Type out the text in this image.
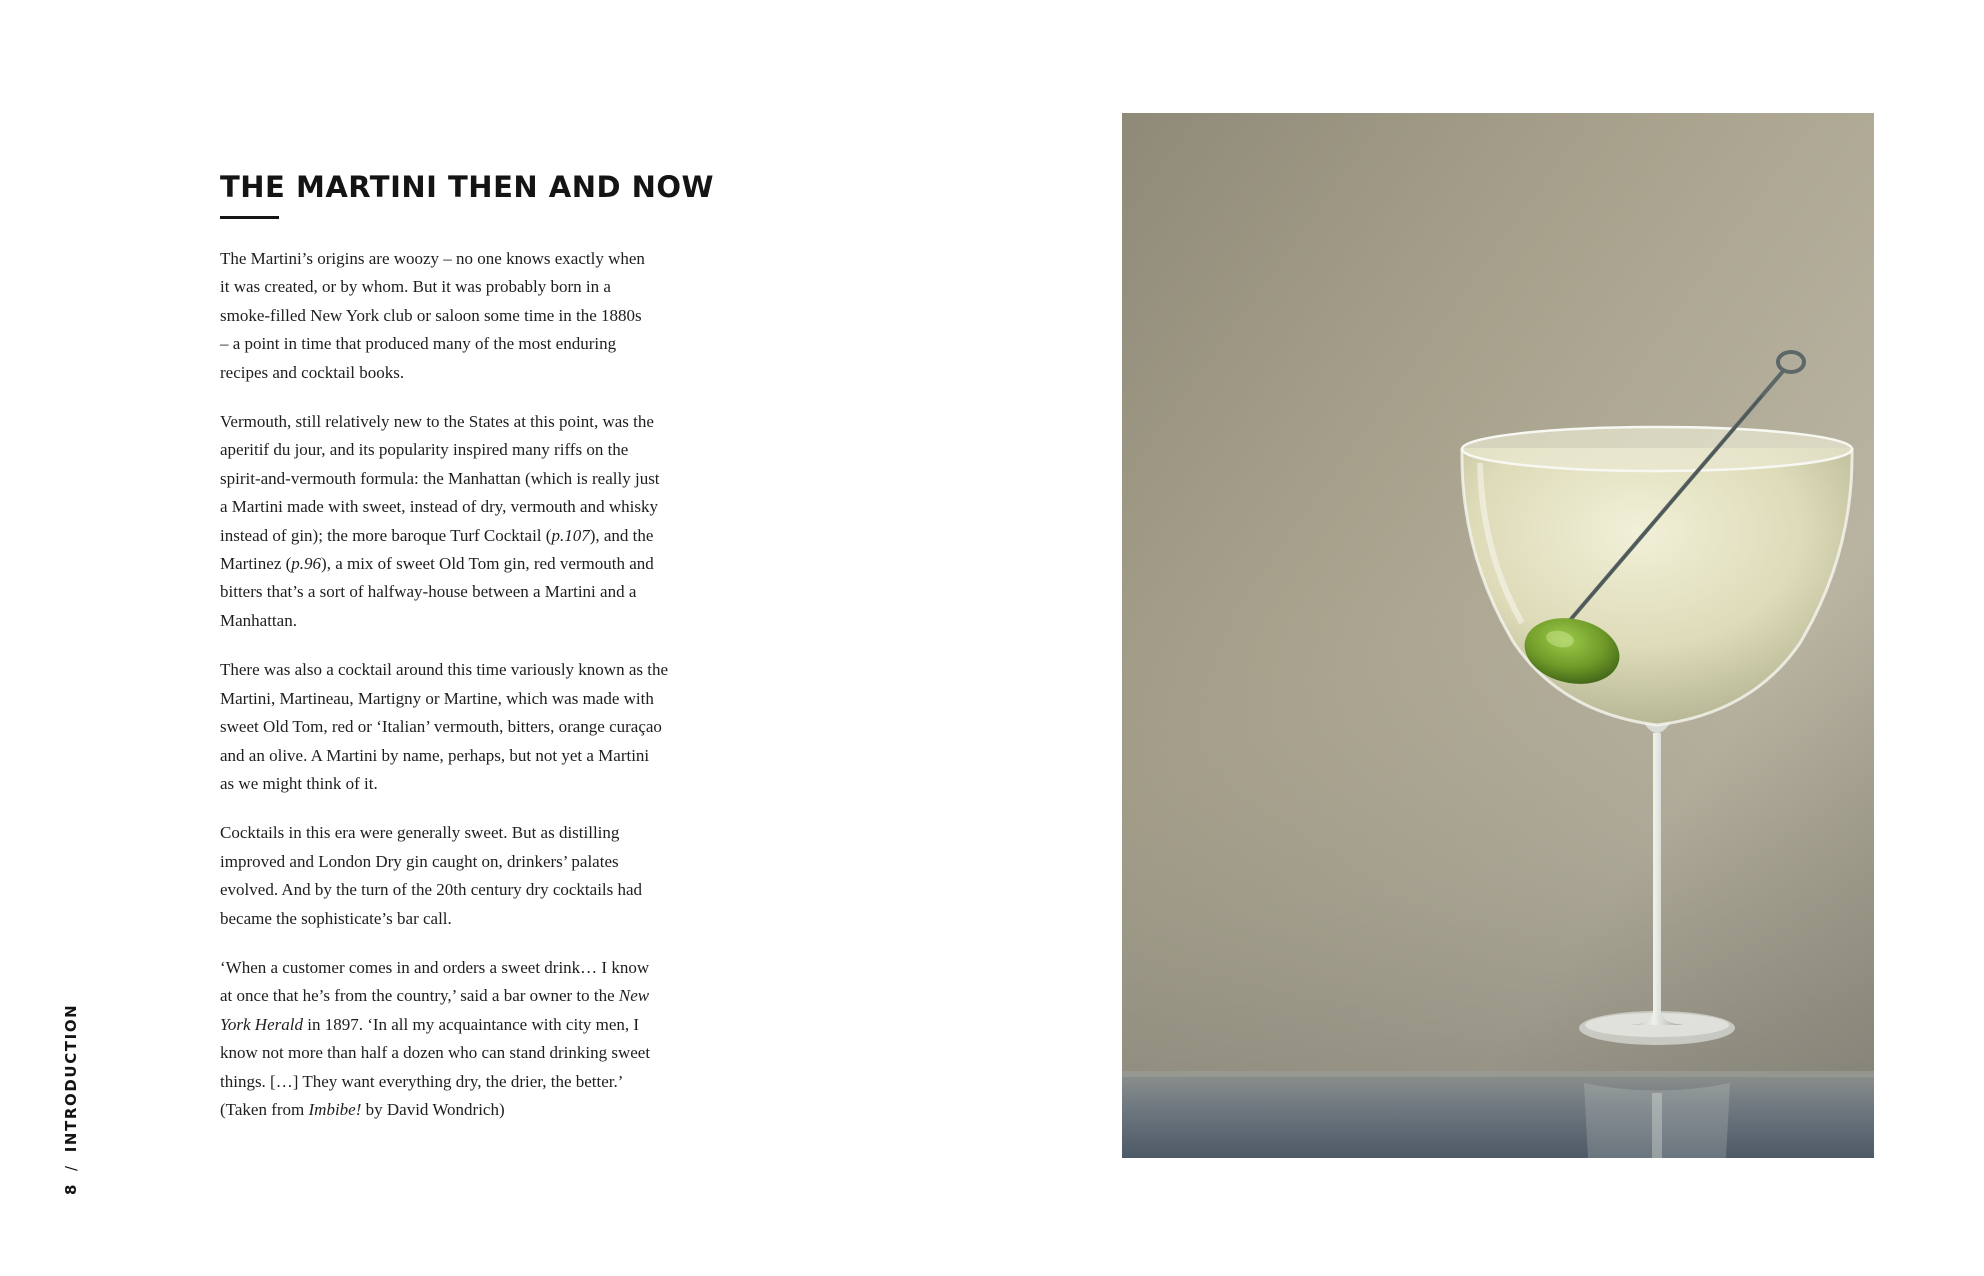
THE MARTINI THEN AND NOW

The Martini’s origins are woozy – no one knows exactly when
it was created, or by whom. But it was probably born in a
smoke-filled New York club or saloon some time in the 1880s
– a point in time that produced many of the most enduring
recipes and cocktail books.

Vermouth, still relatively new to the States at this point, was the
aperitif du jour, and its popularity inspired many riffs on the
spirit-and-vermouth formula: the Manhattan (which is really just
a Martini made with sweet, instead of dry, vermouth and whisky
instead of gin); the more baroque Turf Cocktail (p.107), and the
Martinez (p.96), a mix of sweet Old Tom gin, red vermouth and
bitters that’s a sort of halfway-house between a Martini and a
Manhattan.

There was also a cocktail around this time variously known as the
Martini, Martineau, Martigny or Martine, which was made with
sweet Old Tom, red or ‘Italian’ vermouth, bitters, orange curaçao
and an olive. A Martini by name, perhaps, but not yet a Martini
as we might think of it.

Cocktails in this era were generally sweet. But as distilling
improved and London Dry gin caught on, drinkers’ palates
evolved. And by the turn of the 20th century dry cocktails had
became the sophisticate’s bar call.

‘When a customer comes in and orders a sweet drink… I know
at once that he’s from the country,’ said a bar owner to the New
York Herald in 1897. ‘In all my acquaintance with city men, I
know not more than half a dozen who can stand drinking sweet
things. […] They want everything dry, the drier, the better.’
(Taken from Imbibe! by David Wondrich)

8/INTRODUCTION
